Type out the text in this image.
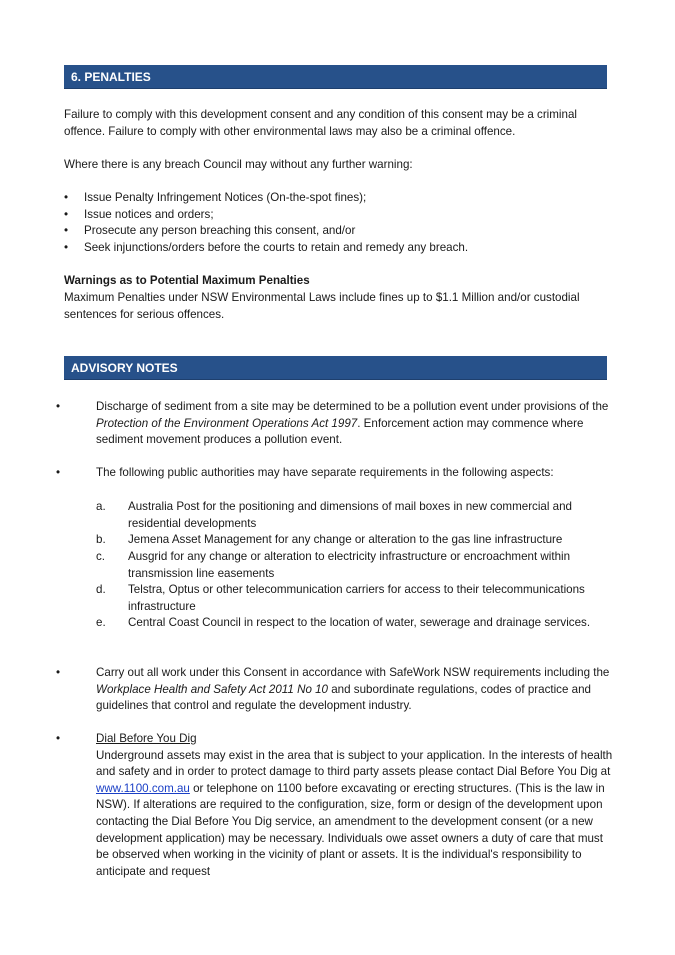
6. PENALTIES

Failure to comply with this development consent and any condition of this consent may be a criminal offence. Failure to comply with other environmental laws may also be a criminal offence.

Where there is any breach Council may without any further warning:

• Issue Penalty Infringement Notices (On-the-spot fines);
• Issue notices and orders;
• Prosecute any person breaching this consent, and/or
• Seek injunctions/orders before the courts to retain and remedy any breach.

Warnings as to Potential Maximum Penalties

Maximum Penalties under NSW Environmental Laws include fines up to $1.1 Million and/or custodial sentences for serious offences.

ADVISORY NOTES
•	Discharge of sediment from a site may be determined to be a pollution event under provisions of the Protection of the Environment Operations Act 1997. Enforcement action may commence where sediment movement produces a pollution event.
•	The following public authorities may have separate requirements in the following aspects:
a. Australia Post for the positioning and dimensions of mail boxes in new commercial and residential developments
b. Jemena Asset Management for any change or alteration to the gas line infrastructure
c. Ausgrid for any change or alteration to electricity infrastructure or encroachment within transmission line easements
d. Telstra, Optus or other telecommunication carriers for access to their telecommunications infrastructure
e. Central Coast Council in respect to the location of water, sewerage and drainage services.
•	Carry out all work under this Consent in accordance with SafeWork NSW requirements including the Workplace Health and Safety Act 2011 No 10 and subordinate regulations, codes of practice and guidelines that control and regulate the development industry.
•	Dial Before You Dig
Underground assets may exist in the area that is subject to your application. In the interests of health and safety and in order to protect damage to third party assets please contact Dial Before You Dig at www.1100.com.au or telephone on 1100 before excavating or erecting structures. (This is the law in NSW). If alterations are required to the configuration, size, form or design of the development upon contacting the Dial Before You Dig service, an amendment to the development consent (or a new development application) may be necessary. Individuals owe asset owners a duty of care that must be observed when working in the vicinity of plant or assets. It is the individual's responsibility to anticipate and request
